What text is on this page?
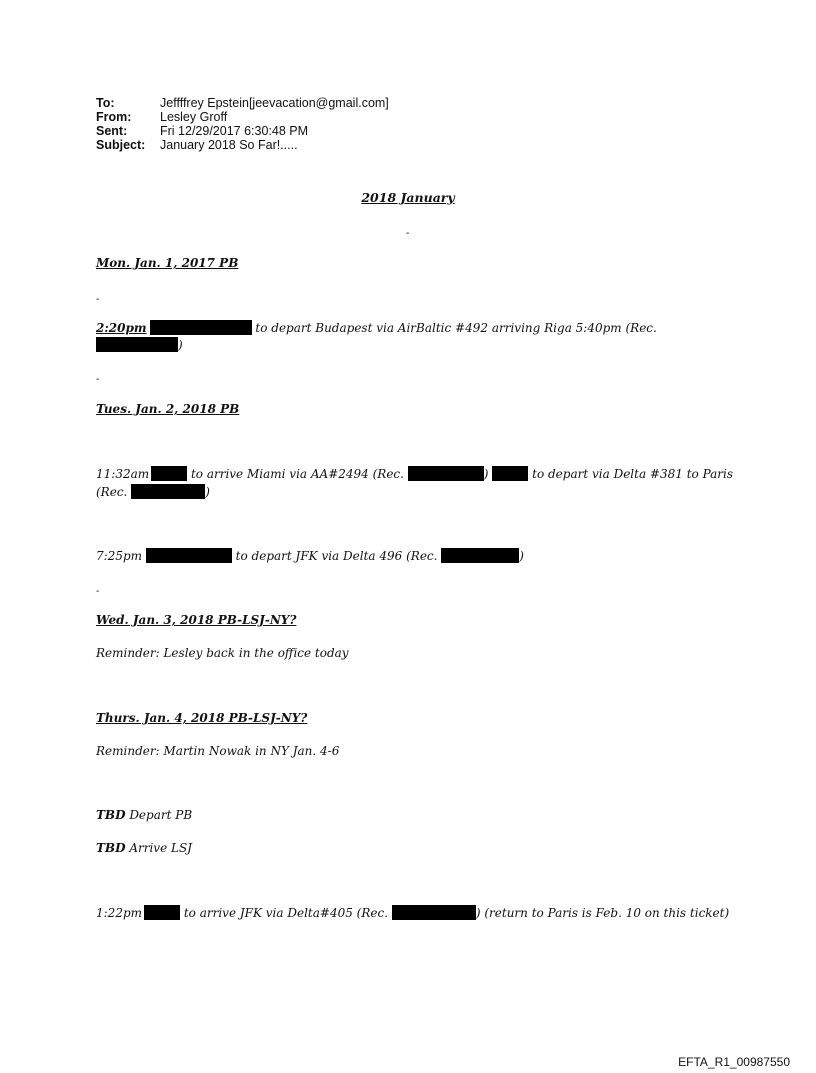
To:	Jeffffrey Epstein[jeevacation@gmail.com]
From:	Lesley Groff
Sent:	Fri 12/29/2017 6:30:48 PM
Subject:	January 2018 So Far!.....
2018 January
-
Mon. Jan. 1, 2017 PB
-
2:20pm	to depart Budapest via AirBaltic #492 arriving Riga 5:40pm (Rec.
)
-
Tues. Jan. 2, 2018 PB
11:32am	to arrive Miami via AA#2494 (Rec.	)	to depart via Delta #381 to Paris
(Rec.	)
7:25pm	to depart JFK via Delta 496 (Rec.	)
-
Wed. Jan. 3, 2018 PB-LSJ-NY?
Reminder: Lesley back in the office today
Thurs. Jan. 4, 2018 PB-LSJ-NY?
Reminder: Martin Nowak in NY Jan. 4-6
TBD Depart PB
TBD Arrive LSJ
1:22pm	to arrive JFK via Delta#405 (Rec.	) (return to Paris is Feb. 10 on this ticket)
EFTA_R1_00987550
